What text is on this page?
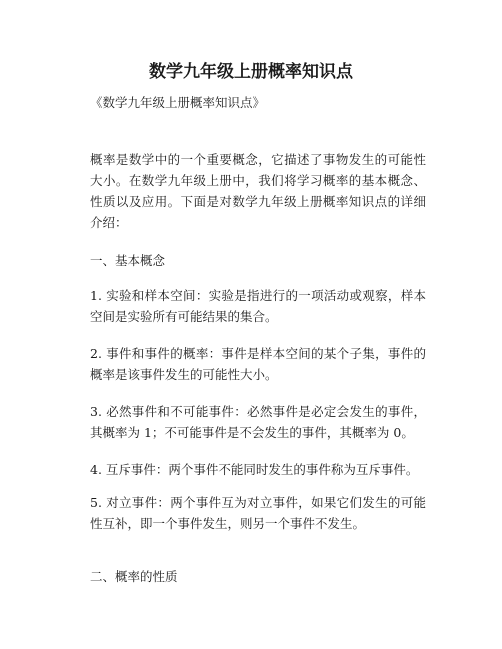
数学九年级上册概率知识点

《数学九年级上册概率知识点》

概率是数学中的一个重要概念，它描述了事物发生的可能性大小。在数学九年级上册中，我们将学习概率的基本概念、性质以及应用。下面是对数学九年级上册概率知识点的详细介绍：

一、基本概念

1. 实验和样本空间：实验是指进行的一项活动或观察，样本空间是实验所有可能结果的集合。

2. 事件和事件的概率：事件是样本空间的某个子集，事件的概率是该事件发生的可能性大小。

3. 必然事件和不可能事件：必然事件是必定会发生的事件，其概率为 1；不可能事件是不会发生的事件，其概率为 0。

4. 互斥事件：两个事件不能同时发生的事件称为互斥事件。

5. 对立事件：两个事件互为对立事件，如果它们发生的可能性互补，即一个事件发生，则另一个事件不发生。

二、概率的性质
